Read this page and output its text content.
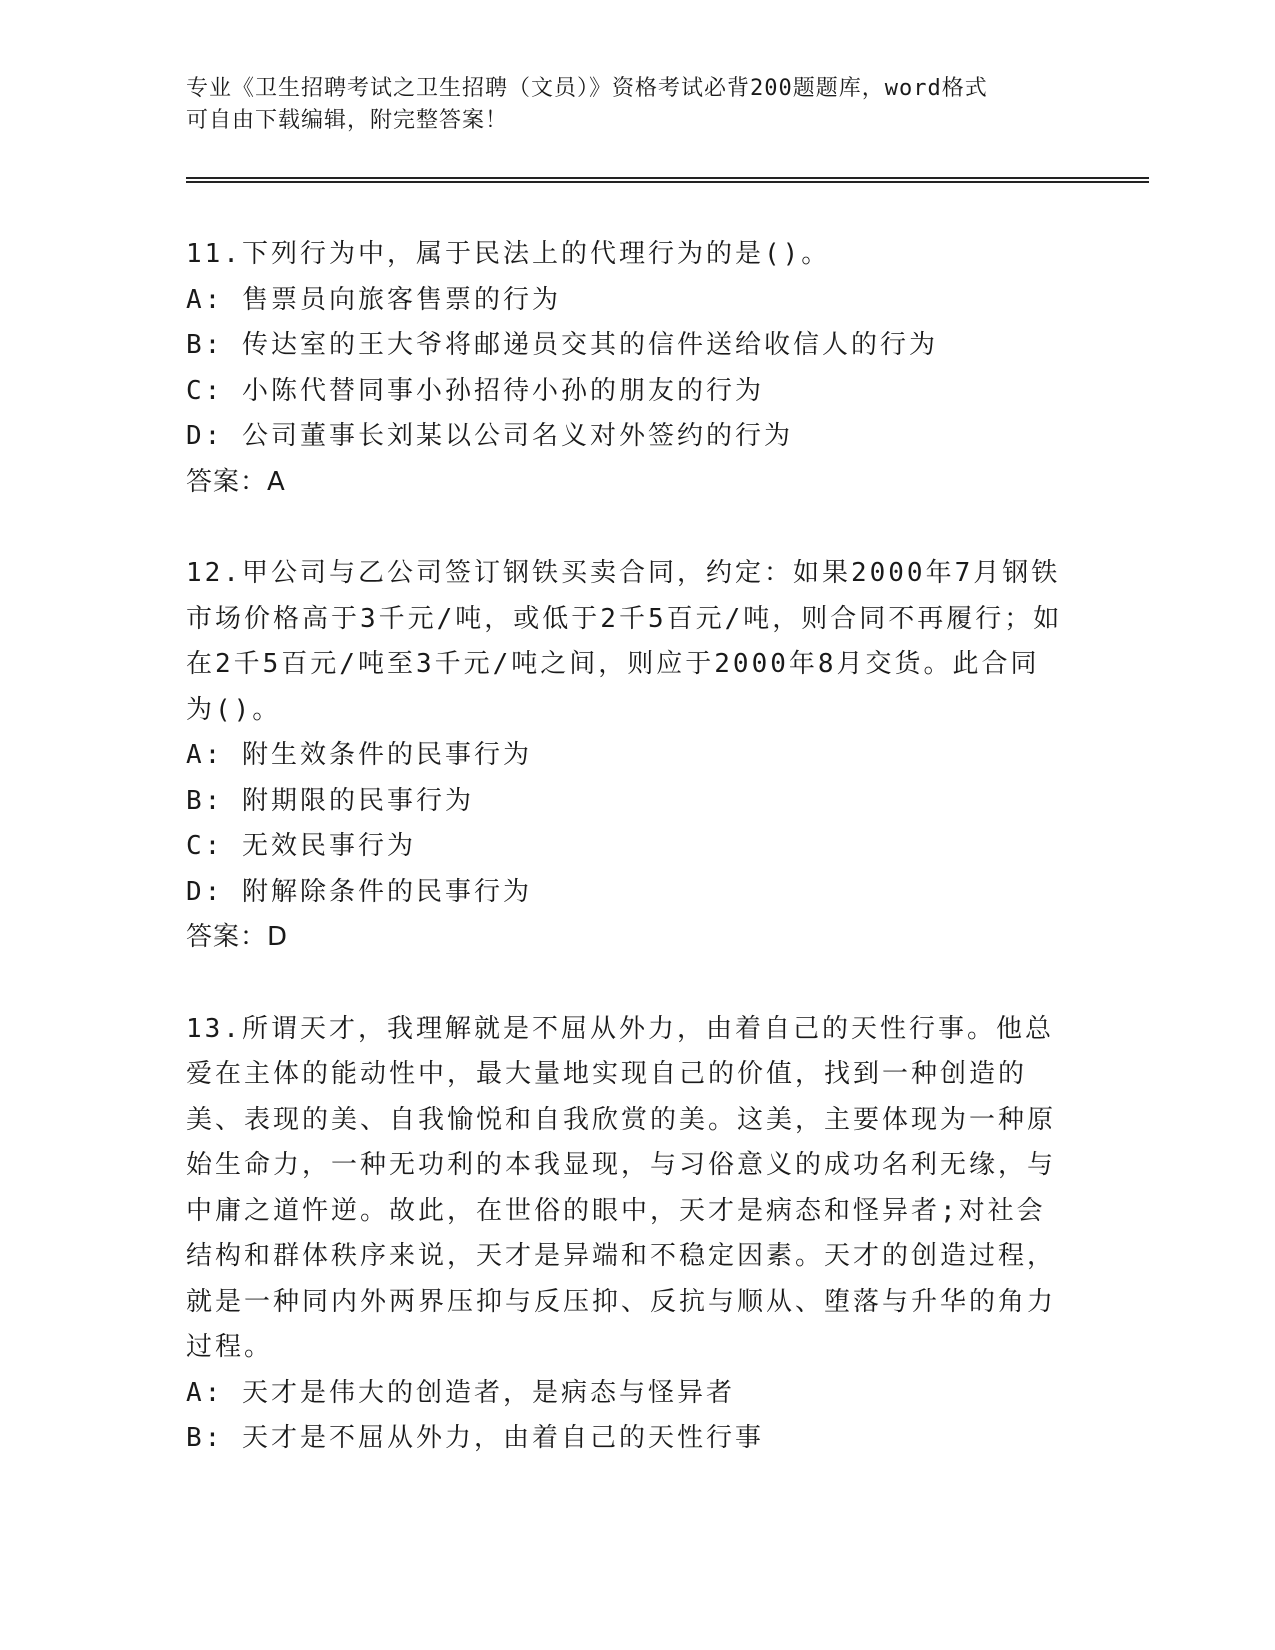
专业《卫生招聘考试之卫生招聘（文员）》资格考试必背200题题库，word格式
可自由下载编辑，附完整答案！

11.下列行为中，属于民法上的代理行为的是()。

A: 售票员向旅客售票的行为

B: 传达室的王大爷将邮递员交其的信件送给收信人的行为

C: 小陈代替同事小孙招待小孙的朋友的行为

D: 公司董事长刘某以公司名义对外签约的行为

答案：A

12.甲公司与乙公司签订钢铁买卖合同，约定：如果2000年7月钢铁市场价格高于3千元/吨，或低于2千5百元/吨，则合同不再履行；如在2千5百元/吨至3千元/吨之间，则应于2000年8月交货。此合同为()。

A: 附生效条件的民事行为

B: 附期限的民事行为

C: 无效民事行为

D: 附解除条件的民事行为

答案：D

13.所谓天才，我理解就是不屈从外力，由着自己的天性行事。他总爱在主体的能动性中，最大量地实现自己的价值，找到一种创造的美、表现的美、自我愉悦和自我欣赏的美。这美，主要体现为一种原始生命力，一种无功利的本我显现，与习俗意义的成功名利无缘，与中庸之道忤逆。故此，在世俗的眼中，天才是病态和怪异者;对社会结构和群体秩序来说，天才是异端和不稳定因素。天才的创造过程，就是一种同内外两界压抑与反压抑、反抗与顺从、堕落与升华的角力过程。

A: 天才是伟大的创造者，是病态与怪异者

B: 天才是不屈从外力，由着自己的天性行事
